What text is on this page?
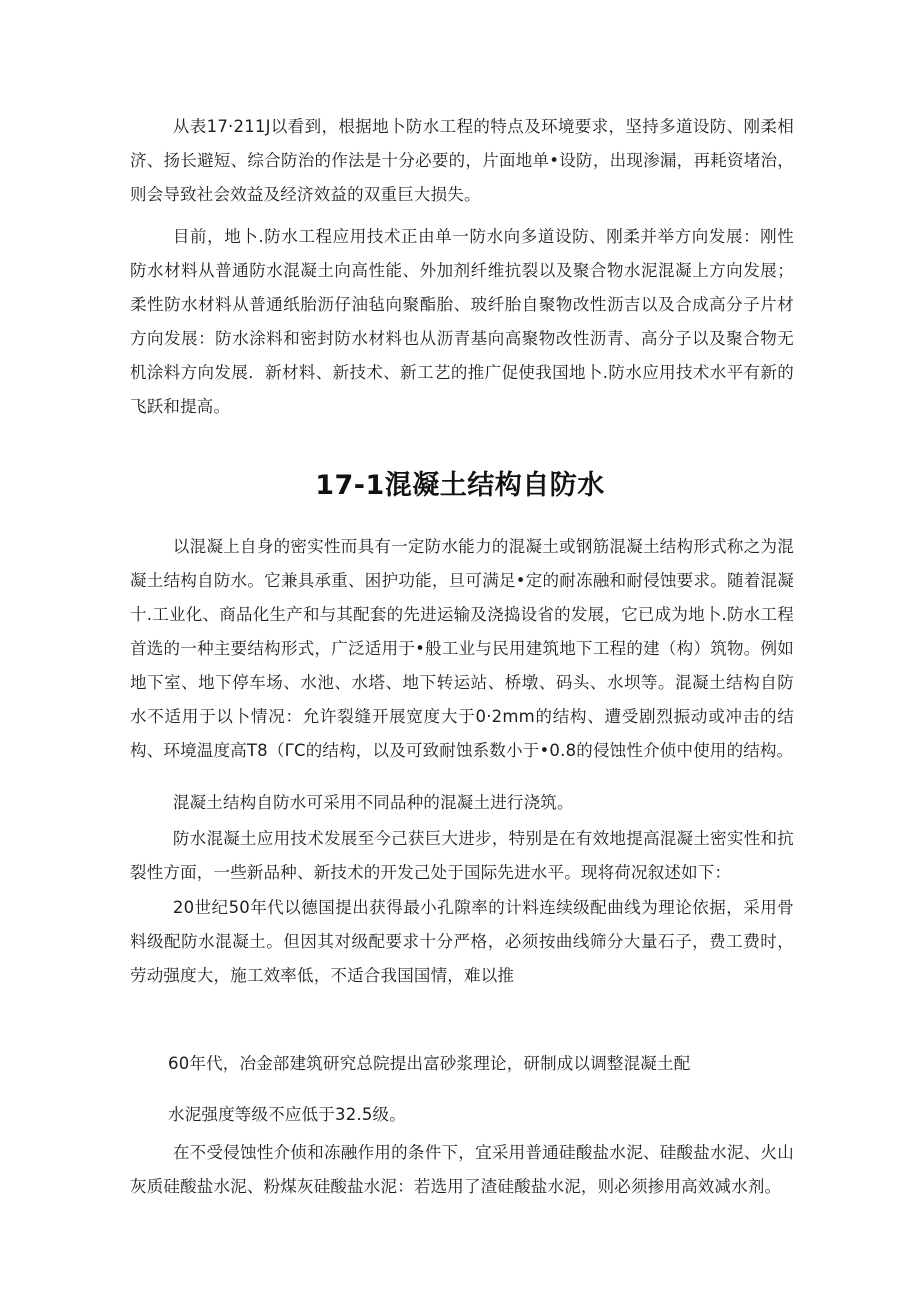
从表17·211J以看到，根据地卜防水工程的特点及环境要求，坚持多道设防、刚柔相济、扬长避短、综合防治的作法是十分必要的，片面地单•设防，出现渗漏，再耗资堵治，则会导致社会效益及经济效益的双重巨大损失。

目前，地卜.防水工程应用技术正由单一防水向多道设防、刚柔并举方向发展：刚性防水材料从普通防水混凝土向高性能、外加剂纤维抗裂以及聚合物水泥混凝上方向发展；柔性防水材料从普通纸胎沥仔油毡向聚酯胎、玻纤胎自聚物改性沥吉以及合成高分子片材方向发展：防水涂料和密封防水材料也从沥青基向高聚物改性沥青、高分子以及聚合物无机涂料方向发展．新材料、新技术、新工艺的推广促使我国地卜.防水应用技术水平有新的飞跃和提高。

17-1混凝土结构自防水

以混凝上自身的密实性而具有一定防水能力的混凝土或钢筋混凝土结构形式称之为混凝土结构自防水。它兼具承重、困护功能，旦可满足•定的耐冻融和耐侵蚀要求。随着混凝十.工业化、商品化生产和与其配套的先进运输及浇捣设省的发展，它已成为地卜.防水工程首选的一种主要结构形式，广泛适用于•般工业与民用建筑地下工程的建（构）筑物。例如地下室、地下停车场、水池、水塔、地下转运站、桥墩、码头、水坝等。混凝土结构自防水不适用于以卜情况：允许裂缝开展宽度大于0·2mm的结构、遭受剧烈振动或冲击的结构、环境温度高T8（ΓC的结构，以及可致耐蚀系数小于•0.8的侵蚀性介侦中使用的结构。

混凝土结构自防水可采用不同品种的混凝土进行浇筑。

防水混凝土应用技术发展至今己获巨大进步，特别是在有效地提高混凝土密实性和抗裂性方面，一些新品种、新技术的开发己处于国际先进水平。现将荷况叙述如下：

20世纪50年代以德国提出获得最小孔隙率的计料连续级配曲线为理论依据，采用骨料级配防水混凝土。但因其对级配要求十分严格，必须按曲线筛分大量石子，费工费时，劳动强度大，施工效率低，不适合我国国情，难以推

60年代，冶金部建筑研究总院提出富砂浆理论，研制成以调整混凝土配

水泥强度等级不应低于32.5级。

在不受侵蚀性介侦和冻融作用的条件下，宜采用普通硅酸盐水泥、硅酸盐水泥、火山灰质硅酸盐水泥、粉煤灰硅酸盐水泥：若选用了渣硅酸盐水泥，则必须掺用高效减水剂。
